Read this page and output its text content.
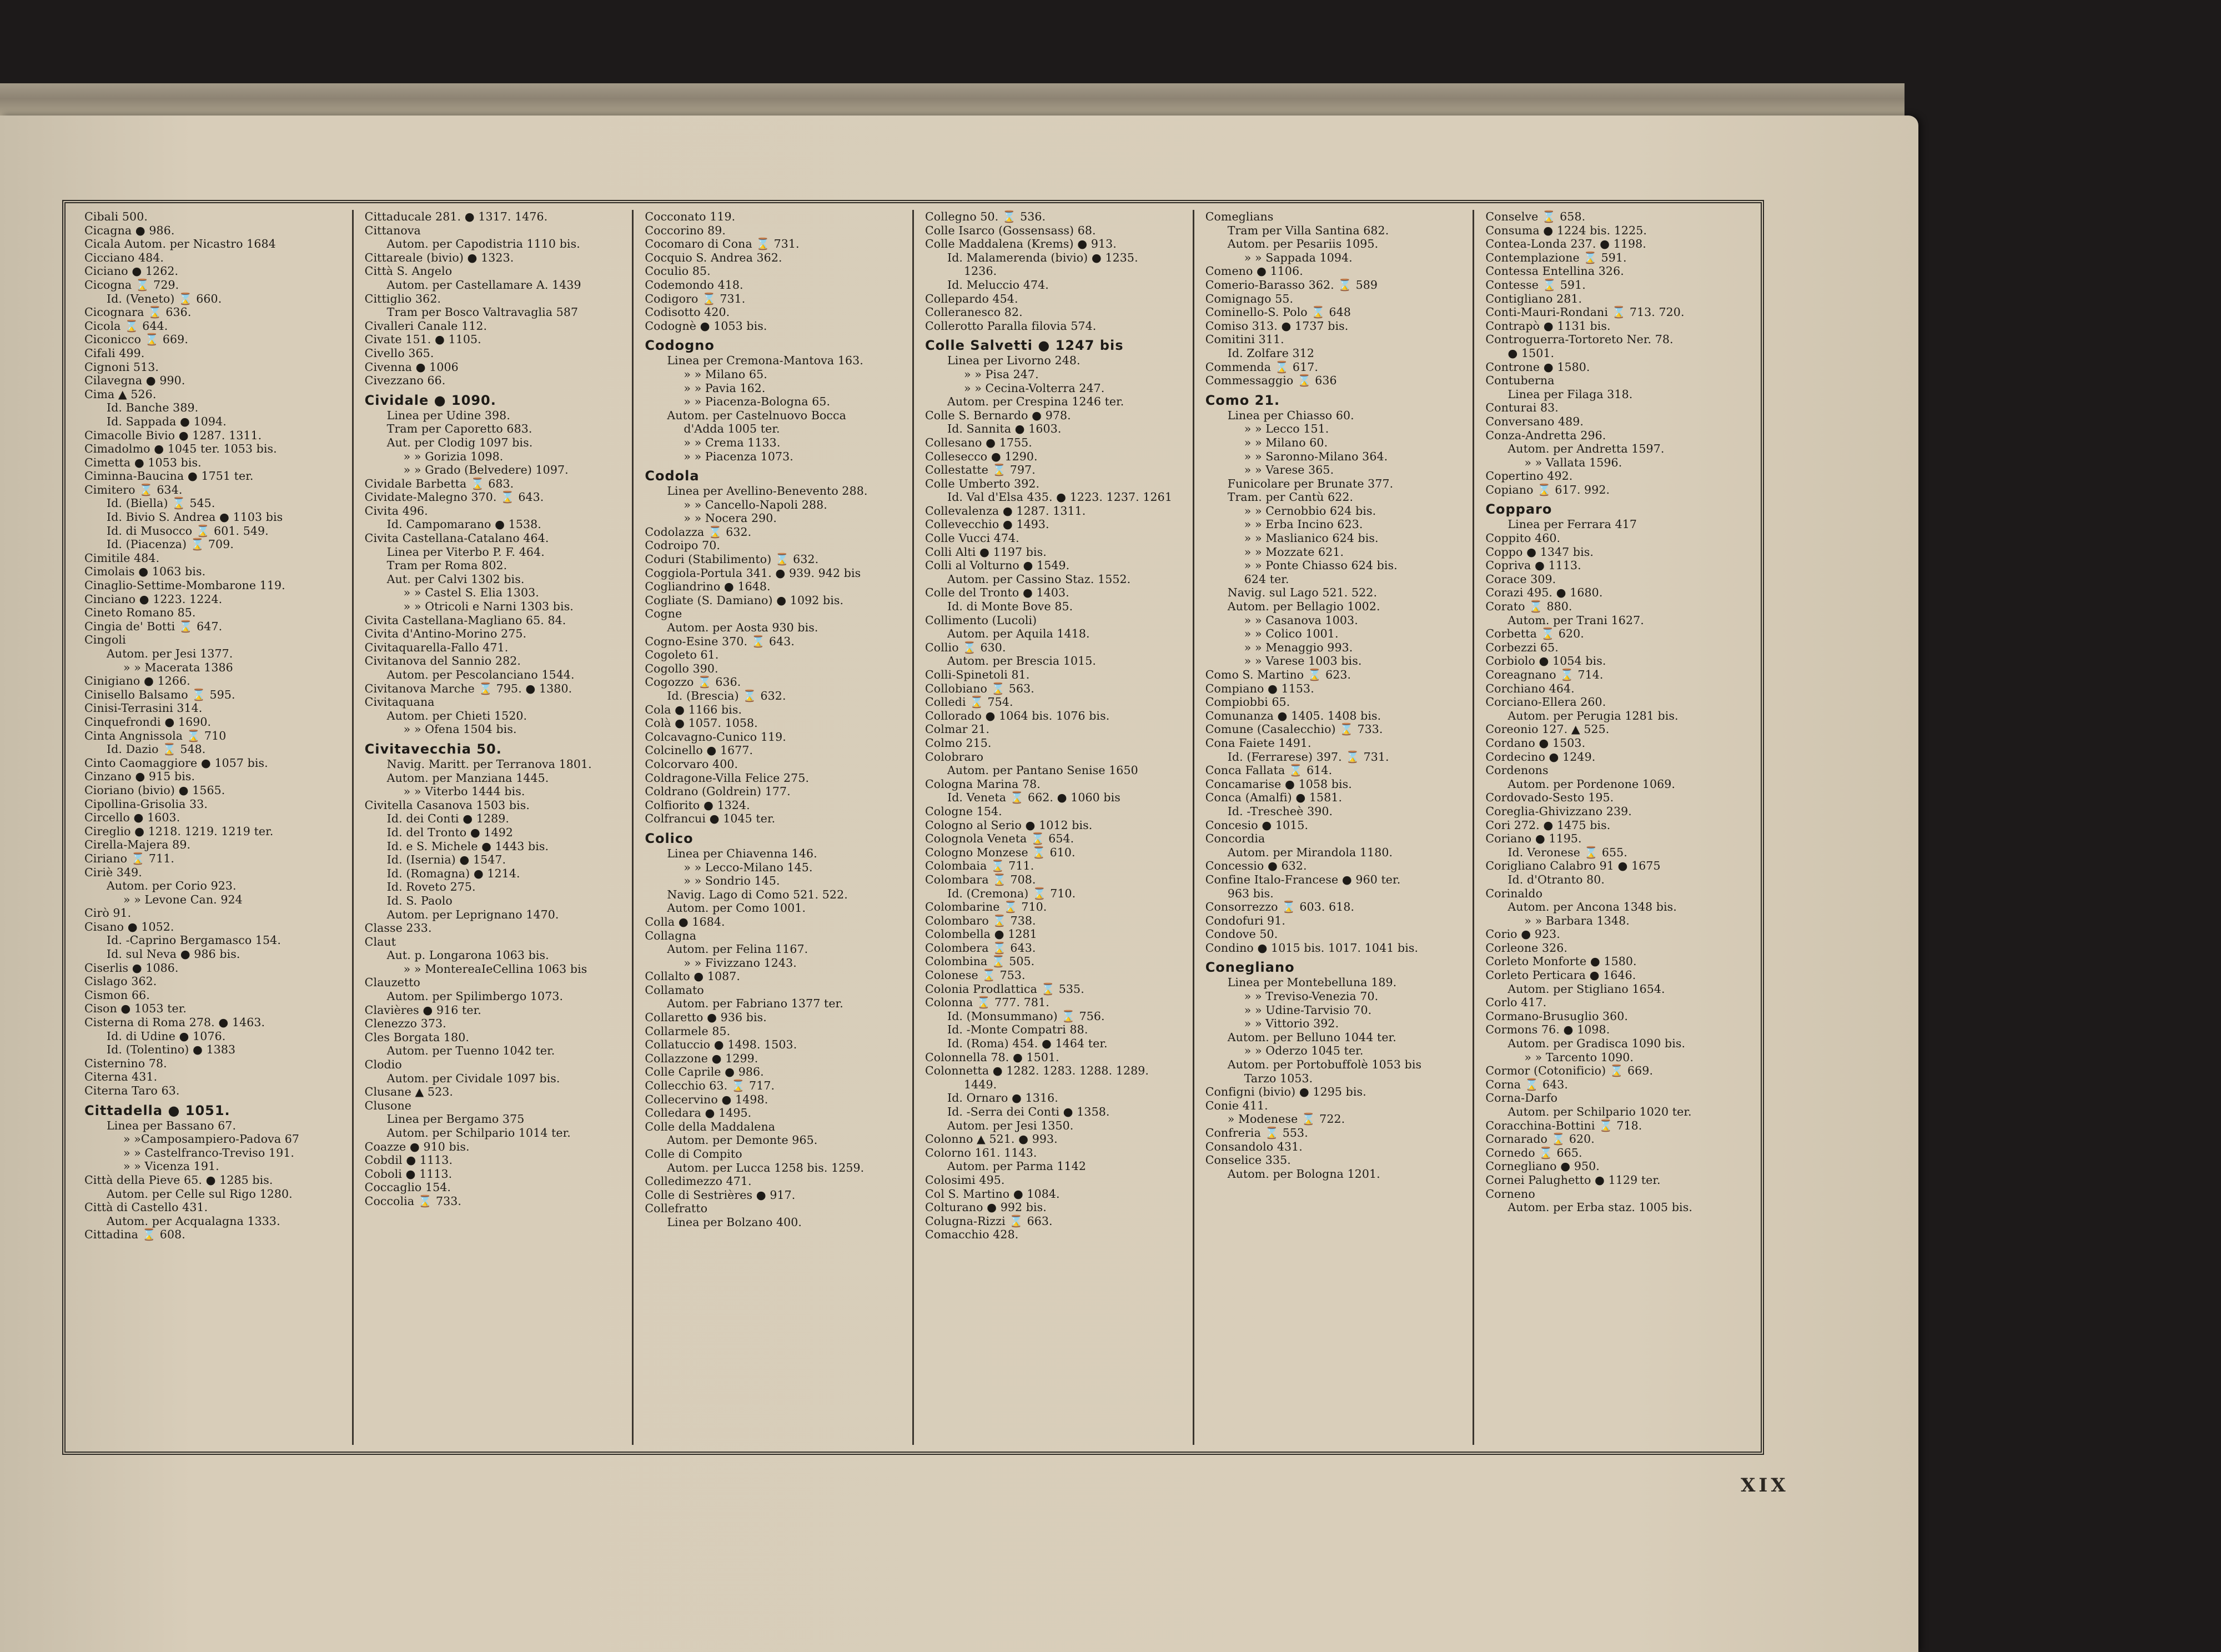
Cibali 500.
Cicagna ● 986.
Cicala Autom. per Nicastro 1684
Cicciano 484.
Ciciano ● 1262.
Cicogna ⌛ 729.
Id. (Veneto) ⌛ 660.
Cicognara ⌛ 636.
Cicola ⌛ 644.
Ciconicco ⌛ 669.
Cifali 499.
Cignoni 513.
Cilavegna ● 990.
Cima ▲ 526.
Id. Banche 389.
Id. Sappada ● 1094.
Cimacolle Bivio ● 1287. 1311.
Cimadolmo ● 1045 ter. 1053 bis.
Cimetta ● 1053 bis.
Ciminna-Baucina ● 1751 ter.
Cimitero ⌛ 634.
Id. (Biella) ⌛ 545.
Id. Bivio S. Andrea ● 1103 bis
Id. di Musocco ⌛ 601. 549.
Id. (Piacenza) ⌛ 709.
Cimitile 484.
Cimolais ● 1063 bis.
Cinaglio-Settime-Mombarone 119.
Cinciano ● 1223. 1224.
Cineto Romano 85.
Cingia de' Botti ⌛ 647.
Cingoli
Autom. per Jesi 1377.
» » Macerata 1386
Cinigiano ● 1266.
Cinisello Balsamo ⌛ 595.
Cinisi-Terrasini 314.
Cinquefrondi ● 1690.
Cinta Angnissola ⌛ 710
Id. Dazio ⌛ 548.
Cinto Caomaggiore ● 1057 bis.
Cinzano ● 915 bis.
Cioriano (bivio) ● 1565.
Cipollina-Grisolia 33.
Circello ● 1603.
Cireglio ● 1218. 1219. 1219 ter.
Cirella-Majera 89.
Ciriano ⌛ 711.
Ciriè 349.
Autom. per Corio 923.
» » Levone Can. 924
Cirò 91.
Cisano ● 1052.
Id. -Caprino Bergamasco 154.
Id. sul Neva ● 986 bis.
Ciserlis ● 1086.
Cislago 362.
Cismon 66.
Cison ● 1053 ter.
Cisterna di Roma 278. ● 1463.
Id. di Udine ● 1076.
Id. (Tolentino) ● 1383
Cisternino 78.
Citerna 431.
Citerna Taro 63.
Cittadella ● 1051.
Linea per Bassano 67.
» »Camposampiero-Padova 67
» » Castelfranco-Treviso 191.
» » Vicenza 191.
Città della Pieve 65. ● 1285 bis.
Autom. per Celle sul Rigo 1280.
Città di Castello 431.
Autom. per Acqualagna 1333.
Cittadina ⌛ 608.
Cittaducale 281. ● 1317. 1476.
Cittanova
Autom. per Capodistria 1110 bis.
Cittareale (bivio) ● 1323.
Città S. Angelo
Autom. per Castellamare A. 1439
Cittiglio 362.
Tram per Bosco Valtravaglia 587
Civalleri Canale 112.
Civate 151. ● 1105.
Civello 365.
Civenna ● 1006
Civezzano 66.
Cividale ● 1090.
Linea per Udine 398.
Tram per Caporetto 683.
Aut. per Clodig 1097 bis.
» » Gorizia 1098.
» » Grado (Belvedere) 1097.
Cividale Barbetta ⌛ 683.
Cividate-Malegno 370. ⌛ 643.
Civita 496.
Id. Campomarano ● 1538.
Civita Castellana-Catalano 464.
Linea per Viterbo P. F. 464.
Tram per Roma 802.
Aut. per Calvi 1302 bis.
» » Castel S. Elia 1303.
» » Otricoli e Narni 1303 bis.
Civita Castellana-Magliano 65. 84.
Civita d'Antino-Morino 275.
Civitaquarella-Fallo 471.
Civitanova del Sannio 282.
Autom. per Pescolanciano 1544.
Civitanova Marche ⌛ 795. ● 1380.
Civitaquana
Autom. per Chieti 1520.
» » Ofena 1504 bis.
Civitavecchia 50.
Navig. Maritt. per Terranova 1801.
Autom. per Manziana 1445.
» » Viterbo 1444 bis.
Civitella Casanova 1503 bis.
Id. dei Conti ● 1289.
Id. del Tronto ● 1492
Id. e S. Michele ● 1443 bis.
Id. (Isernia) ● 1547.
Id. (Romagna) ● 1214.
Id. Roveto 275.
Id. S. Paolo
Autom. per Leprignano 1470.
Classe 233.
Claut
Aut. p. Longarona 1063 bis.
» » MontereaIeCellina 1063 bis
Clauzetto
Autom. per Spilimbergo 1073.
Clavières ● 916 ter.
Clenezzo 373.
Cles Borgata 180.
Autom. per Tuenno 1042 ter.
Clodio
Autom. per Cividale 1097 bis.
Clusane ▲ 523.
Clusone
Linea per Bergamo 375
Autom. per Schilpario 1014 ter.
Coazze ● 910 bis.
Cobdil ● 1113.
Coboli ● 1113.
Coccaglio 154.
Coccolia ⌛ 733.
Cocconato 119.
Coccorino 89.
Cocomaro di Cona ⌛ 731.
Cocquio S. Andrea 362.
Coculio 85.
Codemondo 418.
Codigoro ⌛ 731.
Codisotto 420.
Codognè ● 1053 bis.
Codogno
Linea per Cremona-Mantova 163.
» » Milano 65.
» » Pavia 162.
» » Piacenza-Bologna 65.
Autom. per Castelnuovo Bocca
d'Adda 1005 ter.
» » Crema 1133.
» » Piacenza 1073.
Codola
Linea per Avellino-Benevento 288.
» » Cancello-Napoli 288.
» » Nocera 290.
Codolazza ⌛ 632.
Codroipo 70.
Coduri (Stabilimento) ⌛ 632.
Coggiola-Portula 341. ● 939. 942 bis
Cogliandrino ● 1648.
Cogliate (S. Damiano) ● 1092 bis.
Cogne
Autom. per Aosta 930 bis.
Cogno-Esine 370. ⌛ 643.
Cogoleto 61.
Cogollo 390.
Cogozzo ⌛ 636.
Id. (Brescia) ⌛ 632.
Cola ● 1166 bis.
Colà ● 1057. 1058.
Colcavagno-Cunico 119.
Colcinello ● 1677.
Colcorvaro 400.
Coldragone-Villa Felice 275.
Coldrano (Goldrein) 177.
Colfiorito ● 1324.
Colfrancui ● 1045 ter.
Colico
Linea per Chiavenna 146.
» » Lecco-Milano 145.
» » Sondrio 145.
Navig. Lago di Como 521. 522.
Autom. per Como 1001.
Colla ● 1684.
Collagna
Autom. per Felina 1167.
» » Fivizzano 1243.
Collalto ● 1087.
Collamato
Autom. per Fabriano 1377 ter.
Collaretto ● 936 bis.
Collarmele 85.
Collatuccio ● 1498. 1503.
Collazzone ● 1299.
Colle Caprile ● 986.
Collecchio 63. ⌛ 717.
Collecervino ● 1498.
Colledara ● 1495.
Colle della Maddalena
Autom. per Demonte 965.
Colle di Compito
Autom. per Lucca 1258 bis. 1259.
Colledimezzo 471.
Colle di Sestrières ● 917.
Collefratto
Linea per Bolzano 400.
Collegno 50. ⌛ 536.
Colle Isarco (Gossensass) 68.
Colle Maddalena (Krems) ● 913.
Id. Malamerenda (bivio) ● 1235.
1236.
Id. Meluccio 474.
Collepardo 454.
Colleranesco 82.
Collerotto Paralla filovia 574.
Colle Salvetti ● 1247 bis
Linea per Livorno 248.
» » Pisa 247.
» » Cecina-Volterra 247.
Autom. per Crespina 1246 ter.
Colle S. Bernardo ● 978.
Id. Sannita ● 1603.
Collesano ● 1755.
Collesecco ● 1290.
Collestatte ⌛ 797.
Colle Umberto 392.
Id. Val d'Elsa 435. ● 1223. 1237. 1261
Collevalenza ● 1287. 1311.
Collevecchio ● 1493.
Colle Vucci 474.
Colli Alti ● 1197 bis.
Colli al Volturno ● 1549.
Autom. per Cassino Staz. 1552.
Colle del Tronto ● 1403.
Id. di Monte Bove 85.
Collimento (Lucoli)
Autom. per Aquila 1418.
Collio ⌛ 630.
Autom. per Brescia 1015.
Colli-Spinetoli 81.
Collobiano ⌛ 563.
Colledi ⌛ 754.
Collorado ● 1064 bis. 1076 bis.
Colmar 21.
Colmo 215.
Colobraro
Autom. per Pantano Senise 1650
Cologna Marina 78.
Id. Veneta ⌛ 662. ● 1060 bis
Cologne 154.
Cologno al Serio ● 1012 bis.
Colognola Veneta ⌛ 654.
Cologno Monzese ⌛ 610.
Colombaia ⌛ 711.
Colombara ⌛ 708.
Id. (Cremona) ⌛ 710.
Colombarine ⌛ 710.
Colombaro ⌛ 738.
Colombella ● 1281
Colombera ⌛ 643.
Colombina ⌛ 505.
Colonese ⌛ 753.
Colonia Prodlattica ⌛ 535.
Colonna ⌛ 777. 781.
Id. (Monsummano) ⌛ 756.
Id. -Monte Compatri 88.
Id. (Roma) 454. ● 1464 ter.
Colonnella 78. ● 1501.
Colonnetta ● 1282. 1283. 1288. 1289.
1449.
Id. Ornaro ● 1316.
Id. -Serra dei Conti ● 1358.
Autom. per Jesi 1350.
Colonno ▲ 521. ● 993.
Colorno 161. 1143.
Autom. per Parma 1142
Colosimi 495.
Col S. Martino ● 1084.
Colturano ● 992 bis.
Colugna-Rizzi ⌛ 663.
Comacchio 428.
Comeglians
Tram per Villa Santina 682.
Autom. per Pesariis 1095.
» » Sappada 1094.
Comeno ● 1106.
Comerio-Barasso 362. ⌛ 589
Comignago 55.
Cominello-S. Polo ⌛ 648
Comiso 313. ● 1737 bis.
Comitini 311.
Id. Zolfare 312
Commenda ⌛ 617.
Commessaggio ⌛ 636
Como 21.
Linea per Chiasso 60.
» » Lecco 151.
» » Milano 60.
» » Saronno-Milano 364.
» » Varese 365.
Funicolare per Brunate 377.
Tram. per Cantù 622.
» » Cernobbio 624 bis.
» » Erba Incino 623.
» » Maslianico 624 bis.
» » Mozzate 621.
» » Ponte Chiasso 624 bis.
624 ter.
Navig. sul Lago 521. 522.
Autom. per Bellagio 1002.
» » Casanova 1003.
» » Colico 1001.
» » Menaggio 993.
» » Varese 1003 bis.
Como S. Martino ⌛ 623.
Compiano ● 1153.
Compiobbi 65.
Comunanza ● 1405. 1408 bis.
Comune (Casalecchio) ⌛ 733.
Cona Faiete 1491.
Id. (Ferrarese) 397. ⌛ 731.
Conca Fallata ⌛ 614.
Concamarise ● 1058 bis.
Conca (Amalfi) ● 1581.
Id. -Trescheè 390.
Concesio ● 1015.
Concordia
Autom. per Mirandola 1180.
Concessio ● 632.
Confine Italo-Francese ● 960 ter.
963 bis.
Consorrezzo ⌛ 603. 618.
Condofuri 91.
Condove 50.
Condino ● 1015 bis. 1017. 1041 bis.
Conegliano
Linea per Montebelluna 189.
» » Treviso-Venezia 70.
» » Udine-Tarvisio 70.
» » Vittorio 392.
Autom. per Belluno 1044 ter.
» » Oderzo 1045 ter.
Autom. per Portobuffolè 1053 bis
Tarzo 1053.
Configni (bivio) ● 1295 bis.
Conie 411.
» Modenese ⌛ 722.
Confreria ⌛ 553.
Consandolo 431.
Conselice 335.
Autom. per Bologna 1201.
Conselve ⌛ 658.
Consuma ● 1224 bis. 1225.
Contea-Londa 237. ● 1198.
Contemplazione ⌛ 591.
Contessa Entellina 326.
Contesse ⌛ 591.
Contigliano 281.
Conti-Mauri-Rondani ⌛ 713. 720.
Contrapò ● 1131 bis.
Controguerra-Tortoreto Ner. 78.
● 1501.
Controne ● 1580.
Contuberna
Linea per Filaga 318.
Conturai 83.
Conversano 489.
Conza-Andretta 296.
Autom. per Andretta 1597.
» » Vallata 1596.
Copertino 492.
Copiano ⌛ 617. 992.
Copparo
Linea per Ferrara 417
Coppito 460.
Coppo ● 1347 bis.
Copriva ● 1113.
Corace 309.
Corazi 495. ● 1680.
Corato ⌛ 880.
Autom. per Trani 1627.
Corbetta ⌛ 620.
Corbezzi 65.
Corbiolo ● 1054 bis.
Coreagnano ⌛ 714.
Corchiano 464.
Corciano-Ellera 260.
Autom. per Perugia 1281 bis.
Coreonio 127. ▲ 525.
Cordano ● 1503.
Cordecino ● 1249.
Cordenons
Autom. per Pordenone 1069.
Cordovado-Sesto 195.
Coreglia-Ghivizzano 239.
Cori 272. ● 1475 bis.
Coriano ● 1195.
Id. Veronese ⌛ 655.
Corigliano Calabro 91 ● 1675
Id. d'Otranto 80.
Corinaldo
Autom. per Ancona 1348 bis.
» » Barbara 1348.
Corio ● 923.
Corleone 326.
Corleto Monforte ● 1580.
Corleto Perticara ● 1646.
Autom. per Stigliano 1654.
Corlo 417.
Cormano-Brusuglio 360.
Cormons 76. ● 1098.
Autom. per Gradisca 1090 bis.
» » Tarcento 1090.
Cormor (Cotonificio) ⌛ 669.
Corna ⌛ 643.
Corna-Darfo
Autom. per Schilpario 1020 ter.
Coracchina-Bottini ⌛ 718.
Cornarado ⌛ 620.
Cornedo ⌛ 665.
Cornegliano ● 950.
Cornei Palughetto ● 1129 ter.
Corneno
Autom. per Erba staz. 1005 bis.
XIX
